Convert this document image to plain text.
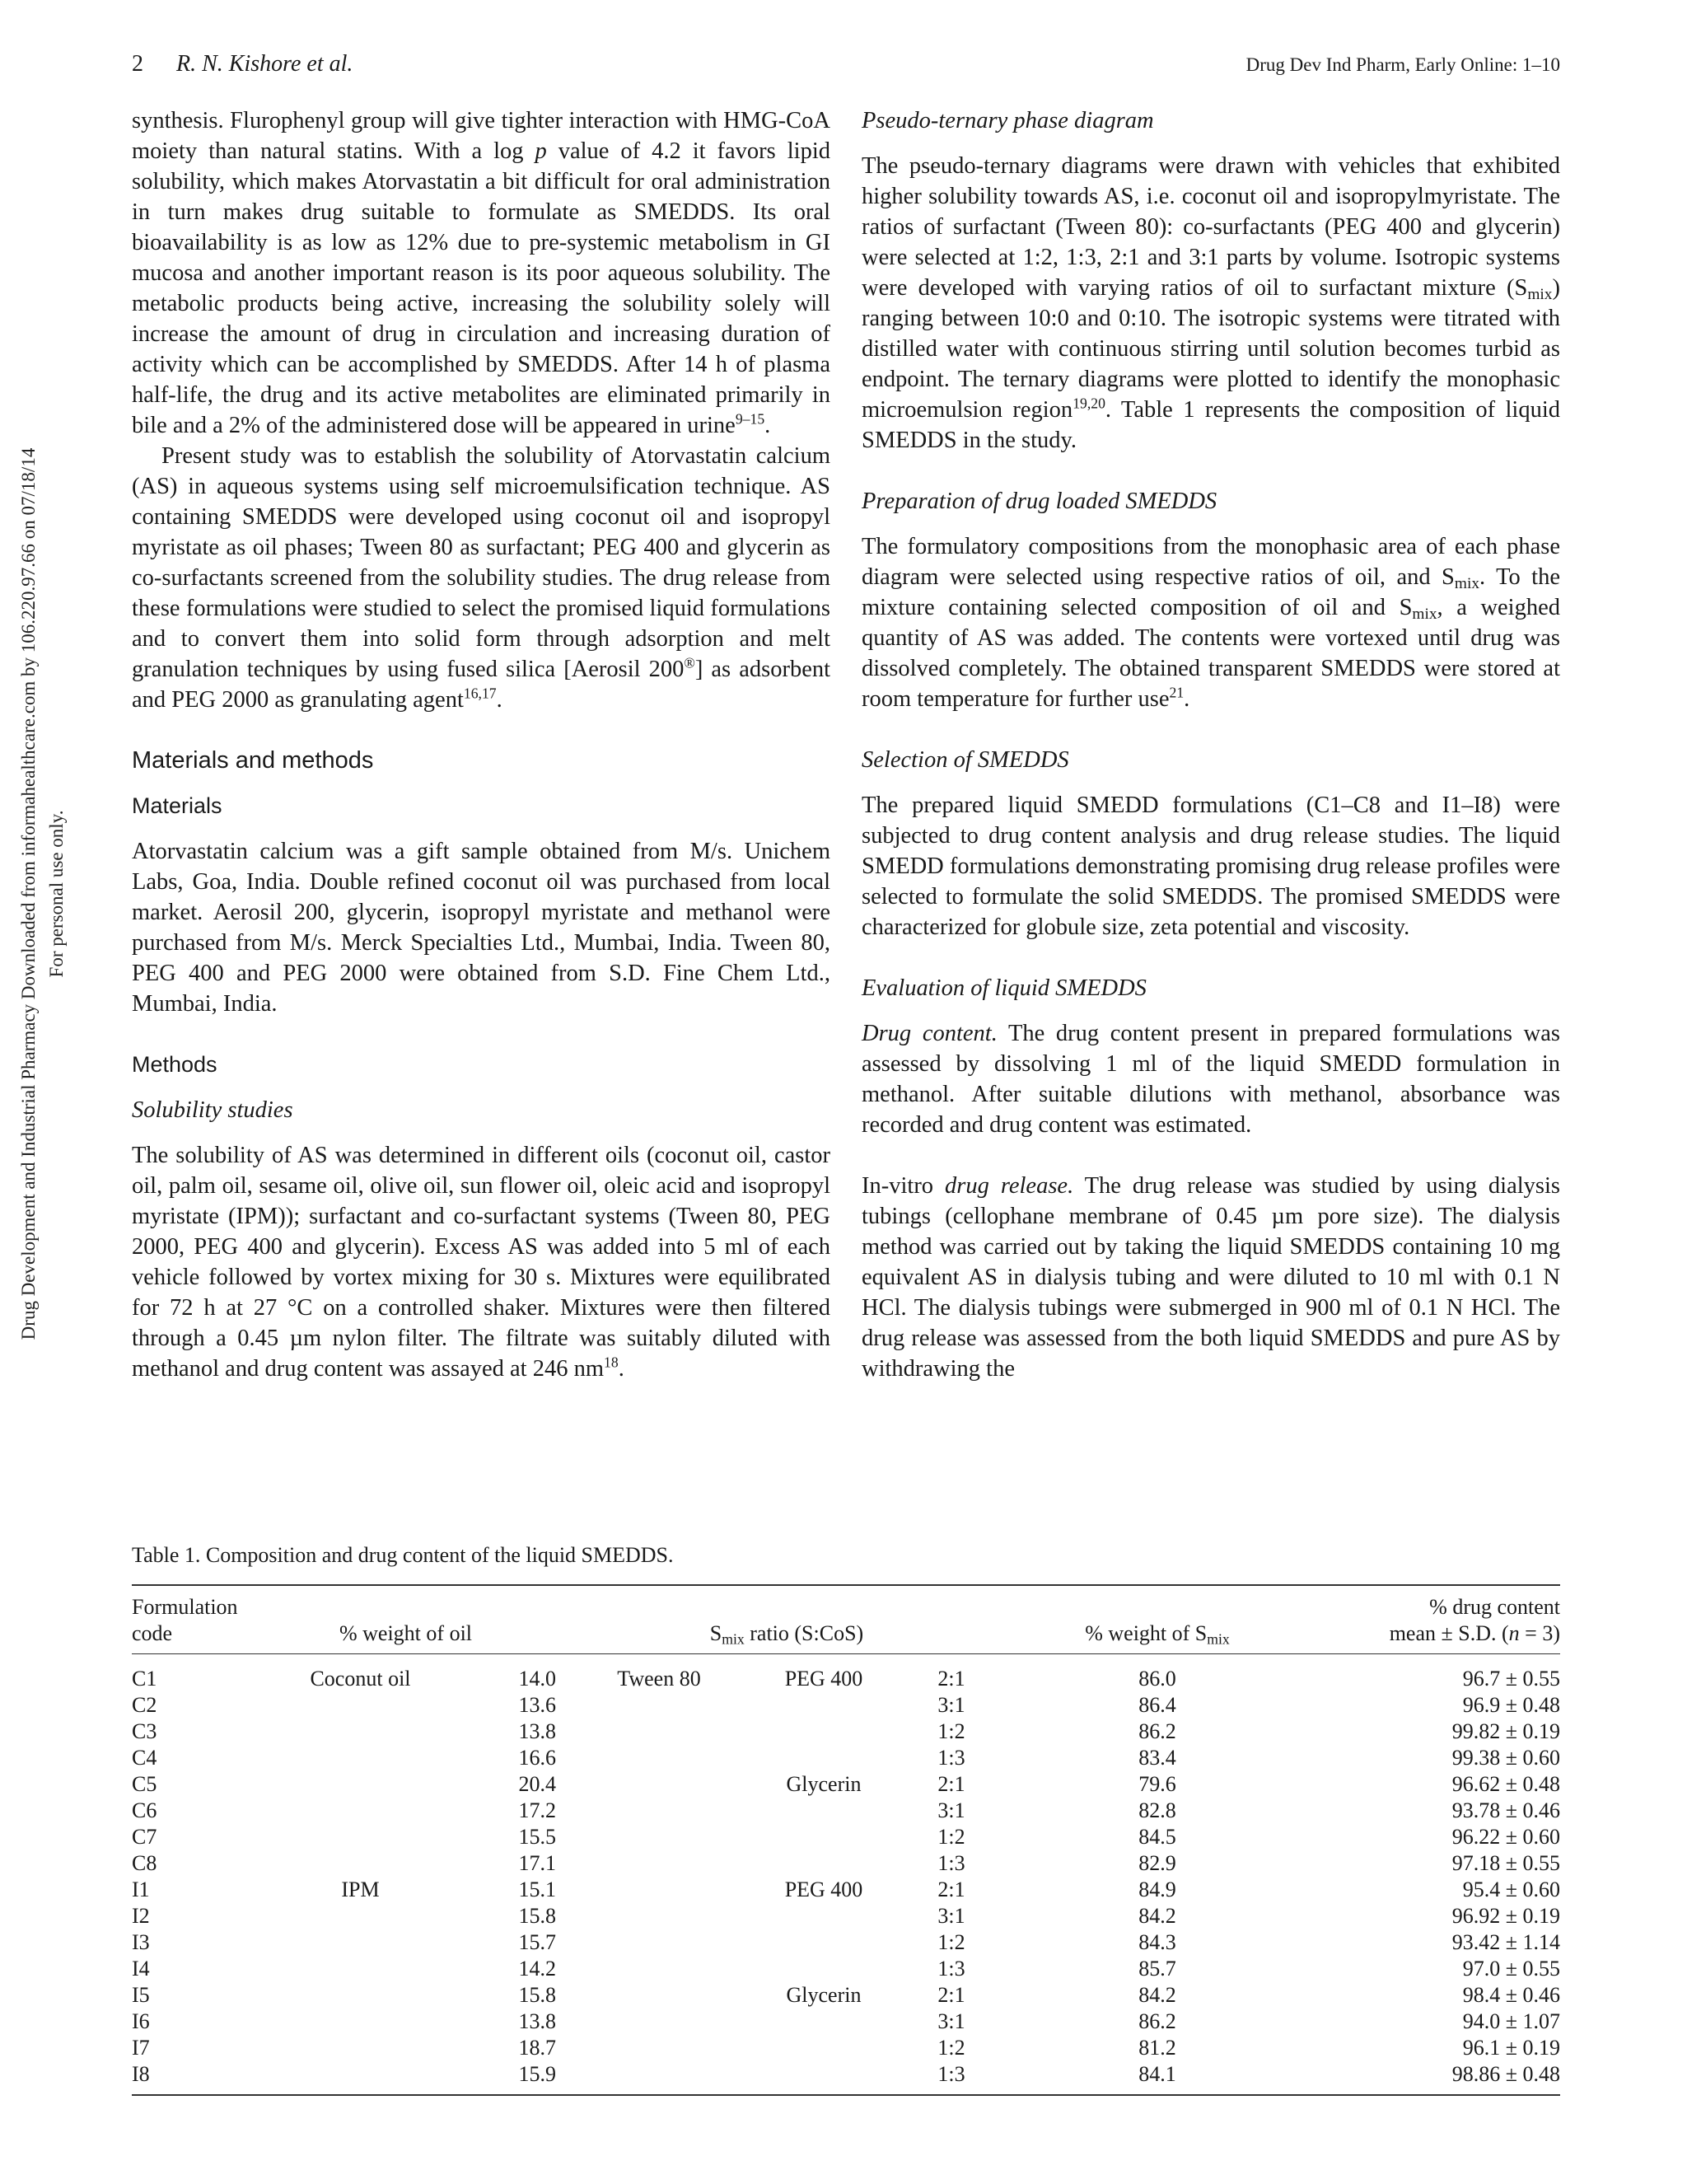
Drug Development and Industrial Pharmacy Downloaded from informahealthcare.com by 106.220.97.66 on 07/18/14 For personal use only.
2 R. N. Kishore et al.	Drug Dev Ind Pharm, Early Online: 1–10

synthesis. Flurophenyl group will give tighter interaction with HMG-CoA moiety than natural statins. With a log p value of 4.2 it favors lipid solubility, which makes Atorvastatin a bit difficult for oral administration in turn makes drug suitable to formulate as SMEDDS. Its oral bioavailability is as low as 12% due to pre-systemic metabolism in GI mucosa and another important reason is its poor aqueous solubility. The metabolic products being active, increasing the solubility solely will increase the amount of drug in circulation and increasing duration of activity which can be accomplished by SMEDDS. After 14 h of plasma half-life, the drug and its active metabolites are eliminated primarily in bile and a 2% of the administered dose will be appeared in urine$^{9-15}$.

Present study was to establish the solubility of Atorvastatin calcium (AS) in aqueous systems using self microemulsification technique. AS containing SMEDDS were developed using coconut oil and isopropyl myristate as oil phases; Tween 80 as surfactant; PEG 400 and glycerin as co-surfactants screened from the solubility studies. The drug release from these formulations were studied to select the promised liquid formulations and to convert them into solid form through adsorption and melt granulation techniques by using fused silica [Aerosil 200®] as adsorbent and PEG 2000 as granulating agent$^{16,17}$.

Materials and methods
Materials

Atorvastatin calcium was a gift sample obtained from M/s. Unichem Labs, Goa, India. Double refined coconut oil was purchased from local market. Aerosil 200, glycerin, isopropyl myristate and methanol were purchased from M/s. Merck Specialties Ltd., Mumbai, India. Tween 80, PEG 400 and PEG 2000 were obtained from S.D. Fine Chem Ltd., Mumbai, India.

Methods
Solubility studies

The solubility of AS was determined in different oils (coconut oil, castor oil, palm oil, sesame oil, olive oil, sun flower oil, oleic acid and isopropyl myristate (IPM)); surfactant and co-surfactant systems (Tween 80, PEG 2000, PEG 400 and glycerin). Excess AS was added into 5 ml of each vehicle followed by vortex mixing for 30 s. Mixtures were equilibrated for 72 h at 27 °C on a controlled shaker. Mixtures were then filtered through a 0.45 µm nylon filter. The filtrate was suitably diluted with methanol and drug content was assayed at 246 $nm^{18}$.

Pseudo-ternary phase diagram

The pseudo-ternary diagrams were drawn with vehicles that exhibited higher solubility towards AS, i.e. coconut oil and isopropylmyristate. The ratios of surfactant (Tween 80): co-surfactants (PEG 400 and glycerin) were selected at 1:2, 1:3, 2:1 and 3:1 parts by volume. Isotropic systems were developed with varying ratios of oil to surfactant mixture $(S_{mix})$ ranging between 10:0 and 0:10. The isotropic systems were titrated with distilled water with continuous stirring until solution becomes turbid as endpoint. The ternary diagrams were plotted to identify the monophasic microemulsion region$^{19,20}$. Table 1 represents the composition of liquid SMEDDS in the study.

Preparation of drug loaded SMEDDS

The formulatory compositions from the monophasic area of each phase diagram were selected using respective ratios of oil, and $S_{mix}$. To the mixture containing selected composition of oil and $S_{mix}$, a weighed quantity of AS was added. The contents were vortexed until drug was dissolved completely. The obtained transparent SMEDDS were stored at room temperature for further use$^{21}$.

Selection of SMEDDS

The prepared liquid SMEDD formulations (C1–C8 and I1–I8) were subjected to drug content analysis and drug release studies. The liquid SMEDD formulations demonstrating promising drug release profiles were selected to formulate the solid SMEDDS. The promised SMEDDS were characterized for globule size, zeta potential and viscosity.

Evaluation of liquid SMEDDS

Drug content. The drug content present in prepared formulations was assessed by dissolving 1 ml of the liquid SMEDD formulation in methanol. After suitable dilutions with methanol, absorbance was recorded and drug content was estimated.

In-vitro drug release. The drug release was studied by using dialysis tubings (cellophane membrane of 0.45 µm pore size). The dialysis method was carried out by taking the liquid SMEDDS containing 10 mg equivalent AS in dialysis tubing and were diluted to 10 ml with 0.1 N HCl. The dialysis tubings were submerged in 900 ml of 0.1 N HCl. The drug release was assessed from the both liquid SMEDDS and pure AS by withdrawing the

Table 1. Composition and drug content of the liquid SMEDDS.

Formulation
code	% weight of oil		$S_{mix}$ ratio (S:CoS)			% weight of $S_{mix}$	% drug content
mean ± S.D. (n = 3)

C1	Coconut oil	14.0	Tween 80	PEG 400	2:1	86.0	96.7 ± 0.55
C2		13.6			3:1	86.4	96.9 ± 0.48
C3		13.8			1:2	86.2	99.82 ± 0.19
C4		16.6			1:3	83.4	99.38 ± 0.60
C5		20.4		Glycerin	2:1	79.6	96.62 ± 0.48
C6		17.2			3:1	82.8	93.78 ± 0.46
C7		15.5			1:2	84.5	96.22 ± 0.60
C8		17.1			1:3	82.9	97.18 ± 0.55
I1	IPM	15.1		PEG 400	2:1	84.9	95.4 ± 0.60
I2		15.8			3:1	84.2	96.92 ± 0.19
I3		15.7			1:2	84.3	93.42 ± 1.14
I4		14.2			1:3	85.7	97.0 ± 0.55
I5		15.8		Glycerin	2:1	84.2	98.4 ± 0.46
I6		13.8			3:1	86.2	94.0 ± 1.07
I7		18.7			1:2	81.2	96.1 ± 0.19
I8		15.9			1:3	84.1	98.86 ± 0.48
